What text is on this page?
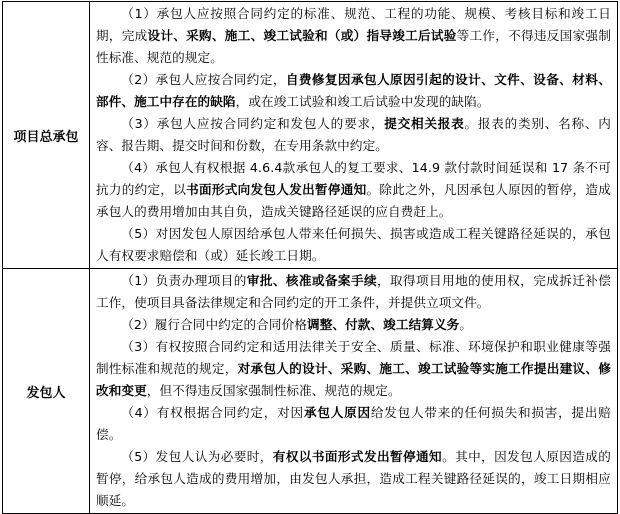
项目总承包	（1）承包人应按照合同约定的标准、规范、工程的功能、规模、考核目标和竣工日期，完成设计、采购、施工、竣工试验和（或）指导竣工后试验等工作，不得违反国家强制性标准、规范的规定。

（2）承包人应按合同约定，自费修复因承包人原因引起的设计、文件、设备、材料、部件、施工中存在的缺陷，或在竣工试验和竣工后试验中发现的缺陷。

（3）承包人应按合同约定和发包人的要求，提交相关报表。报表的类别、名称、内容、报告期、提交时间和份数，在专用条款中约定。

（4）承包人有权根据 4.6.4款承包人的复工要求、14.9 款付款时间延误和 17 条不可抗力的约定，以书面形式向发包人发出暂停通知。除此之外，凡因承包人原因的暂停，造成承包人的费用增加由其自负，造成关键路径延误的应自费赶上。

（5）对因发包人原因给承包人带来任何损失、损害或造成工程关键路径延误的，承包人有权要求赔偿和（或）延长竣工日期。

发包人	（1）负责办理项目的审批、核准或备案手续，取得项目用地的使用权，完成拆迁补偿工作，使项目具备法律规定和合同约定的开工条件，并提供立项文件。

（2）履行合同中约定的合同价格调整、付款、竣工结算义务。

（3）有权按照合同约定和适用法律关于安全、质量、标准、环境保护和职业健康等强制性标准和规范的规定，对承包人的设计、采购、施工、竣工试验等实施工作提出建议、修改和变更，但不得违反国家强制性标准、规范的规定。

（4）有权根据合同约定，对因承包人原因给发包人带来的任何损失和损害，提出赔偿。

（5）发包人认为必要时，有权以书面形式发出暂停通知。其中，因发包人原因造成的暂停，给承包人造成的费用增加，由发包人承担，造成工程关键路径延误的，竣工日期相应顺延。
